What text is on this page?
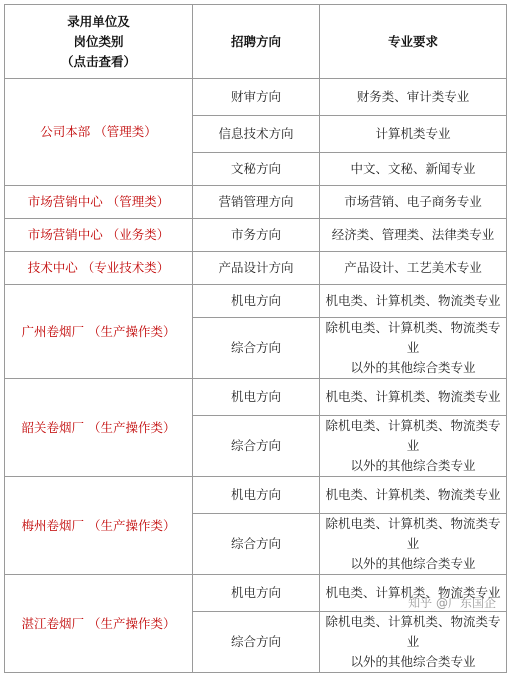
录用单位及
岗位类别
（点击查看）	招聘方向	专业要求
公司本部 （管理类）	财审方向	财务类、审计类专业

	信息技术方向	计算机类专业

	文秘方向	中文、文秘、新闻专业

市场营销中心 （管理类）	营销管理方向	市场营销、电子商务专业

市场营销中心 （业务类）	市务方向	经济类、管理类、法律类专业

技术中心 （专业技术类）	产品设计方向	产品设计、工艺美术专业

广州卷烟厂 （生产操作类）	机电方向	机电类、计算机类、物流类专业

	综合方向	除机电类、计算机类、物流类专业
以外的其他综合类专业

韶关卷烟厂 （生产操作类）	机电方向	机电类、计算机类、物流类专业

	综合方向	除机电类、计算机类、物流类专业
以外的其他综合类专业

梅州卷烟厂 （生产操作类）	机电方向	机电类、计算机类、物流类专业

	综合方向	除机电类、计算机类、物流类专业
以外的其他综合类专业

湛江卷烟厂 （生产操作类）	机电方向	机电类、计算机类、物流类专业

	综合方向	除机电类、计算机类、物流类专业
以外的其他综合类专业
知乎 @广东国企
